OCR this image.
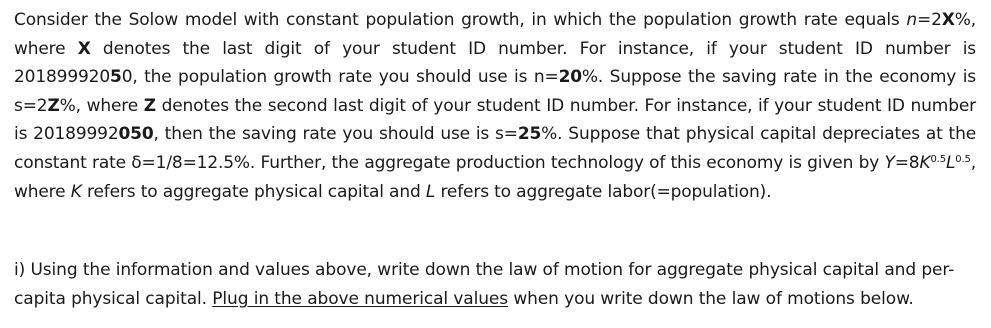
Consider the Solow model with constant population growth, in which the population growth rate equals n=2X%, where X denotes the last digit of your student ID number. For instance, if your student ID number is 20189992050, the population growth rate you should use is n=20%. Suppose the saving rate in the economy is s=2Z%, where Z denotes the second last digit of your student ID number. For instance, if your student ID number is 20189992050, then the saving rate you should use is s=25%. Suppose that physical capital depreciates at the constant rate δ=1/8=12.5%. Further, the aggregate production technology of this economy is given by $Y=8K^{0.5}L^{0.5}$, where K refers to aggregate physical capital and L refers to aggregate labor(=population).

i) Using the information and values above, write down the law of motion for aggregate physical capital and per-capita physical capital. Plug in the above numerical values when you write down the law of motions below.
